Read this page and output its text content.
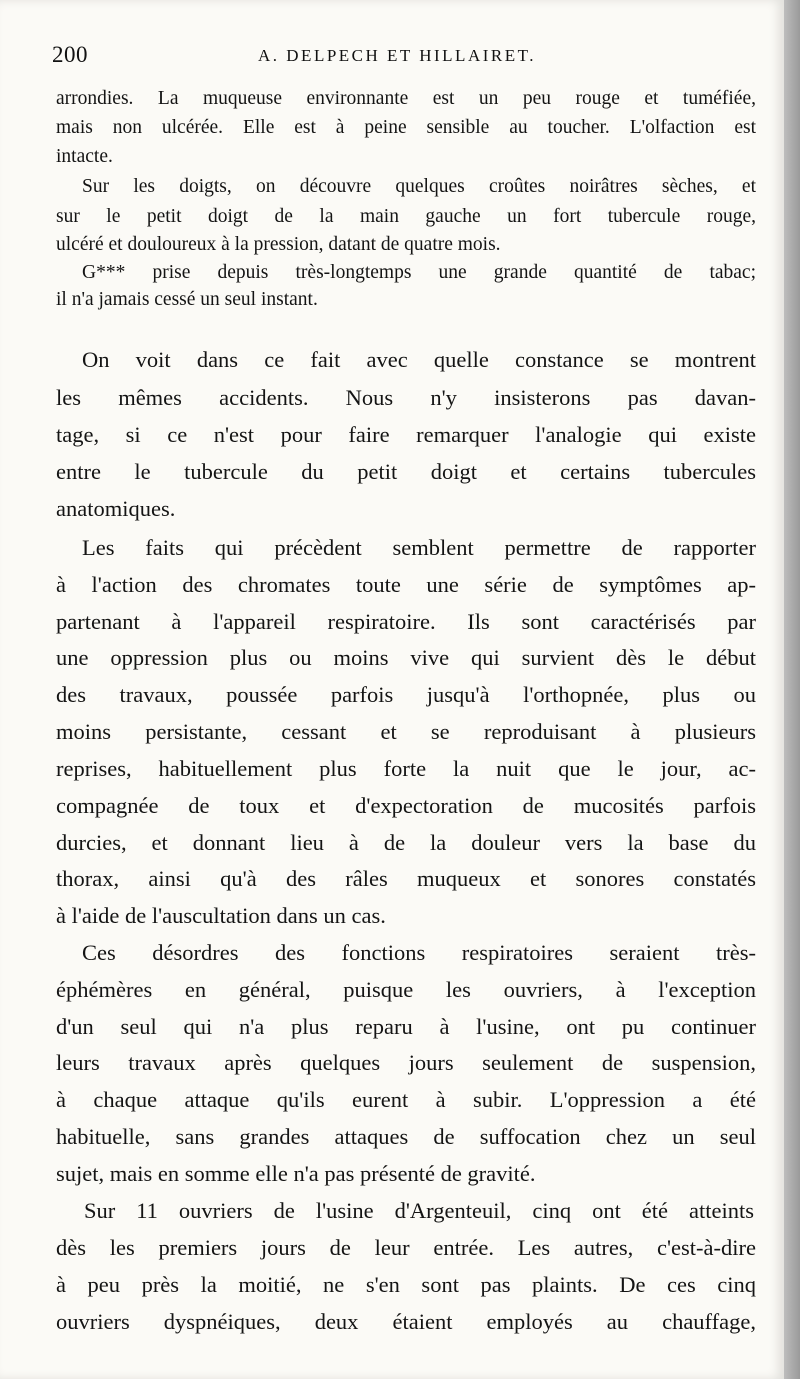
200	A. DELPECH ET HILLAIRET.
arrondies. La muqueuse environnante est un peu rouge et tuméfiée,
mais non ulcérée. Elle est à peine sensible au toucher. L'olfaction est
intacte.
Sur les doigts, on découvre quelques croûtes noirâtres sèches, et
sur le petit doigt de la main gauche un fort tubercule rouge,
ulcéré et douloureux à la pression, datant de quatre mois.
G*** prise depuis très-longtemps une grande quantité de tabac;
il n'a jamais cessé un seul instant.
On voit dans ce fait avec quelle constance se montrent
les mêmes accidents. Nous n'y insisterons pas davan-
tage, si ce n'est pour faire remarquer l'analogie qui existe
entre le tubercule du petit doigt et certains tubercules
anatomiques.
Les faits qui précèdent semblent permettre de rapporter
à l'action des chromates toute une série de symptômes ap-
partenant à l'appareil respiratoire. Ils sont caractérisés par
une oppression plus ou moins vive qui survient dès le début
des travaux, poussée parfois jusqu'à l'orthopnée, plus ou
moins persistante, cessant et se reproduisant à plusieurs
reprises, habituellement plus forte la nuit que le jour, ac-
compagnée de toux et d'expectoration de mucosités parfois
durcies, et donnant lieu à de la douleur vers la base du
thorax, ainsi qu'à des râles muqueux et sonores constatés
à l'aide de l'auscultation dans un cas.
Ces désordres des fonctions respiratoires seraient très-
éphémères en général, puisque les ouvriers, à l'exception
d'un seul qui n'a plus reparu à l'usine, ont pu continuer
leurs travaux après quelques jours seulement de suspension,
à chaque attaque qu'ils eurent à subir. L'oppression a été
habituelle, sans grandes attaques de suffocation chez un seul
sujet, mais en somme elle n'a pas présenté de gravité.
Sur 11 ouvriers de l'usine d'Argenteuil, cinq ont été atteints
dès les premiers jours de leur entrée. Les autres, c'est-à-dire
à peu près la moitié, ne s'en sont pas plaints. De ces cinq
ouvriers dyspnéiques, deux étaient employés au chauffage,
